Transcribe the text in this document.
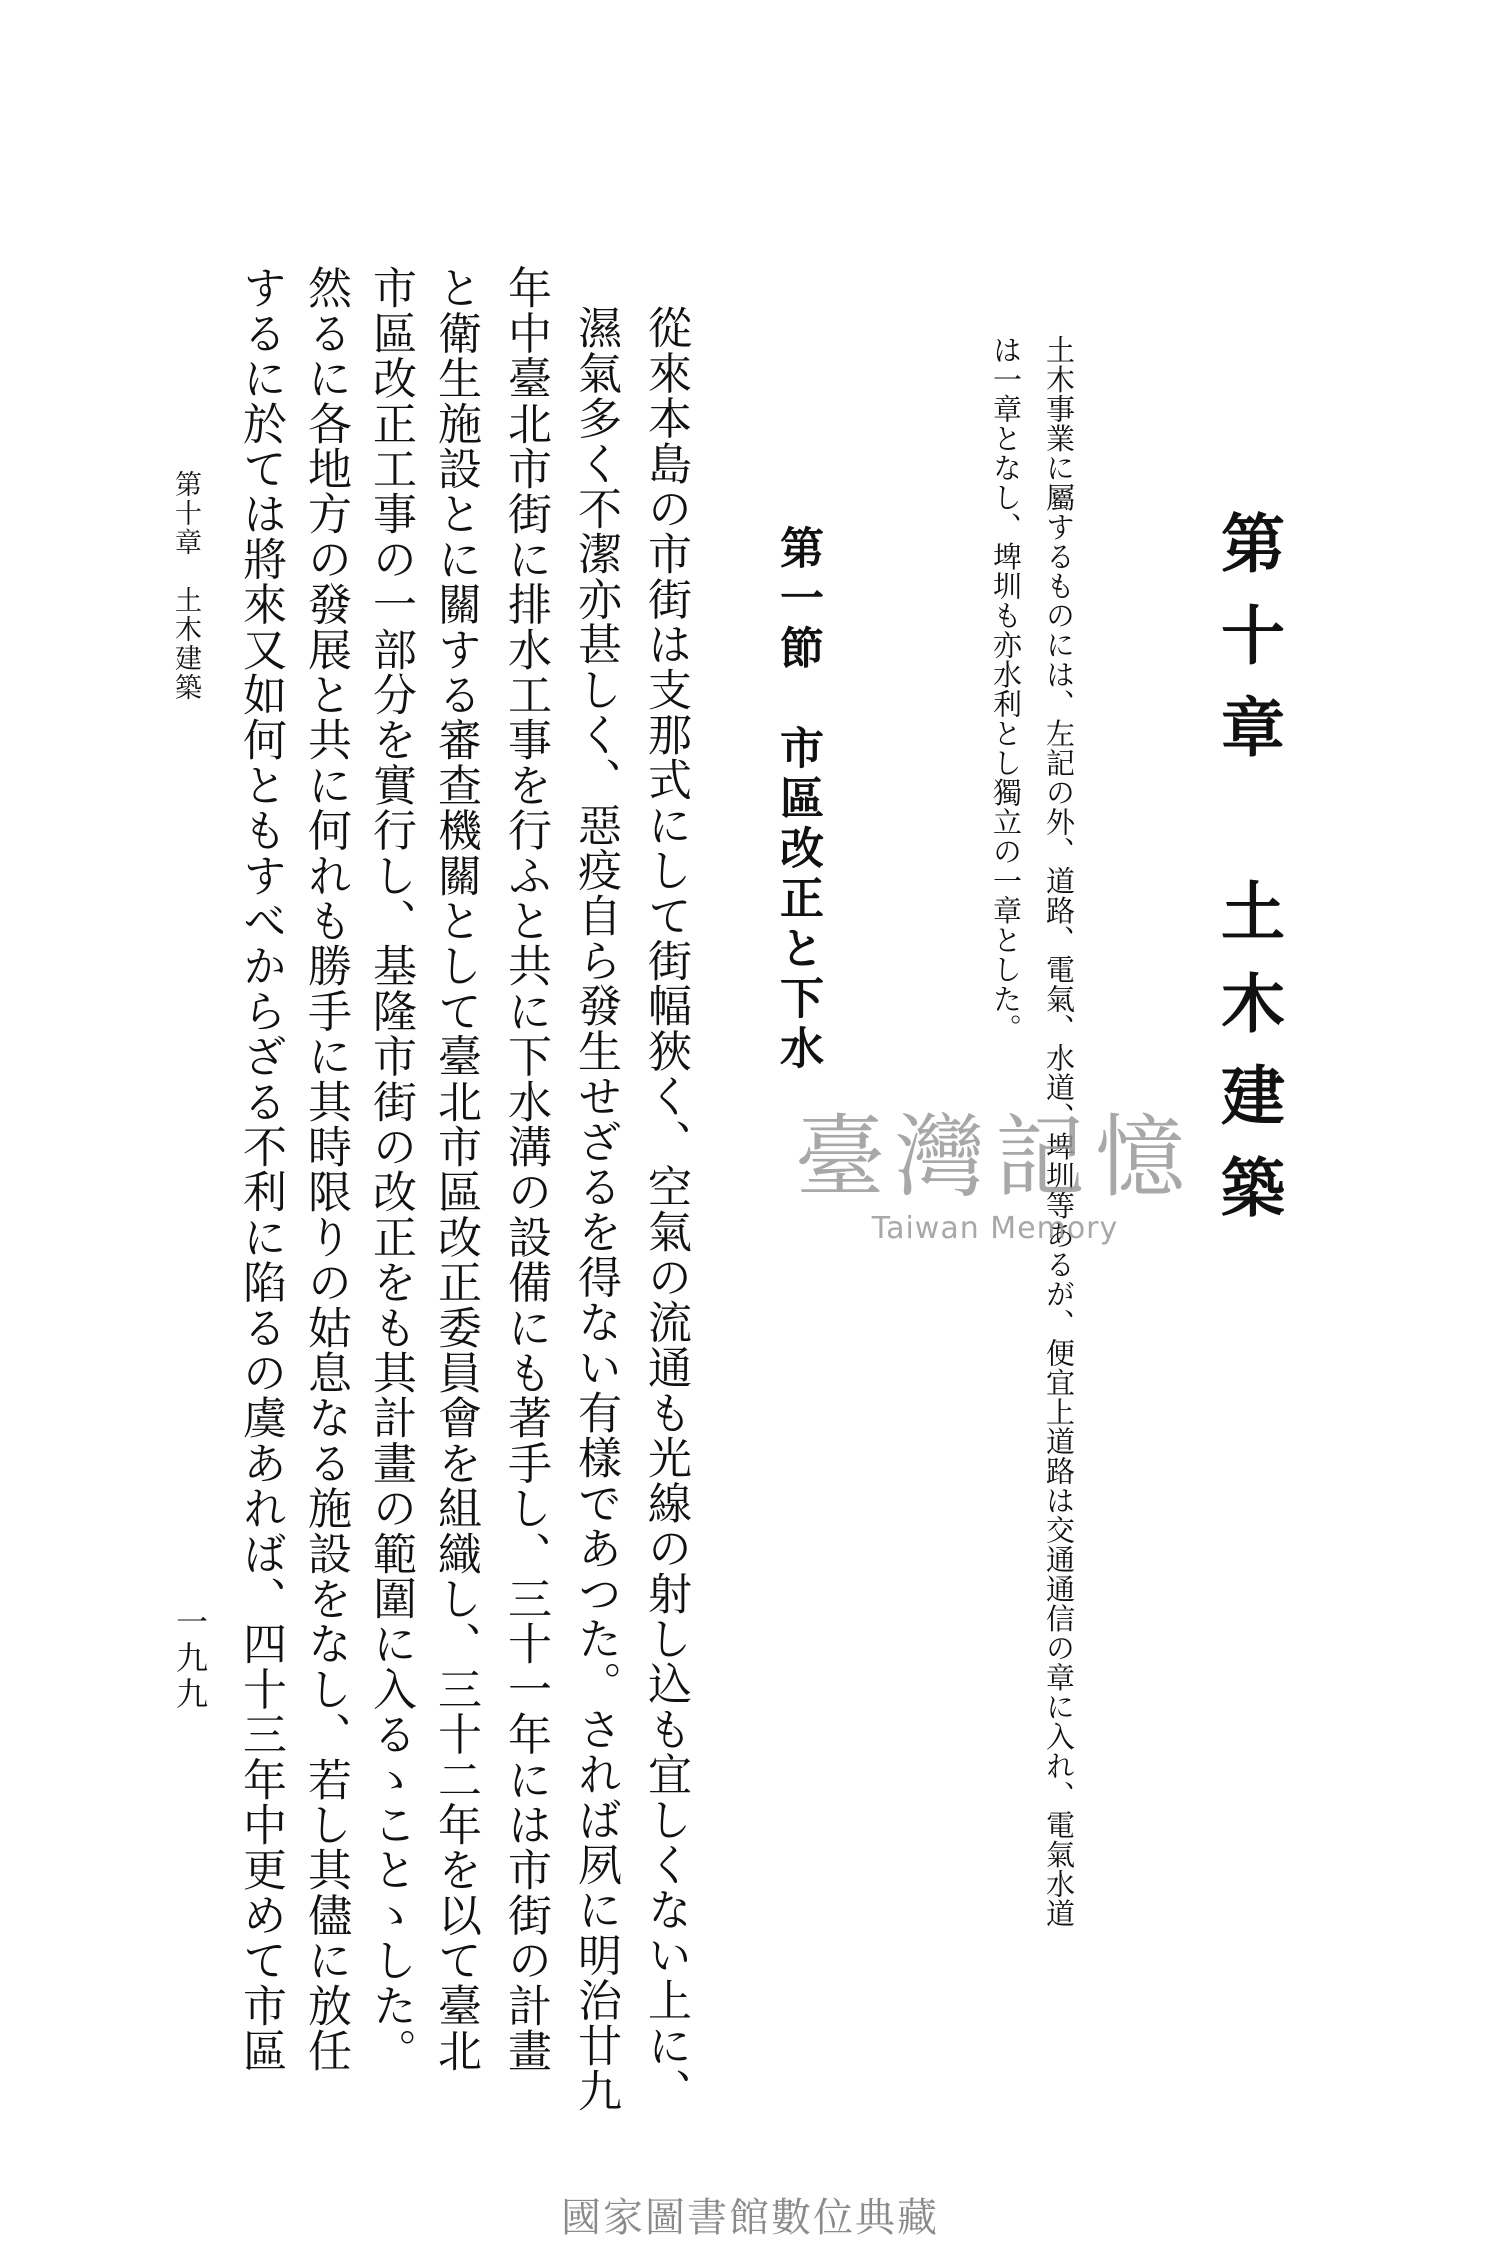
第十章　土木建築
土木事業に屬するものには、左記の外、道路、電氣、水道、埤圳等あるが、便宜上道路は交通通信の章に入れ、電氣水道
は一章となし、埤圳も亦水利とし獨立の一章とした。
臺灣記憶
Taiwan Memory
第一節　市區改正と下水
從來本島の市街は支那式にして街幅狹く、空氣の流通も光線の射し込も宜しくない上に、
濕氣多く不潔亦甚しく、惡疫自ら發生せざるを得ない有樣であつた。されば夙に明治廿九
年中臺北市街に排水工事を行ふと共に下水溝の設備にも著手し、三十一年には市街の計畫
と衛生施設とに關する審查機關として臺北市區改正委員會を組織し、三十二年を以て臺北
市區改正工事の一部分を實行し、基隆市街の改正をも其計畫の範圍に入るゝことゝした。
然るに各地方の發展と共に何れも勝手に其時限りの姑息なる施設をなし、若し其儘に放任
するに於ては將來又如何ともすべからざる不利に陷るの虞あれば、四十三年中更めて市區
第十章　土木建築
一九九
國家圖書館數位典藏
